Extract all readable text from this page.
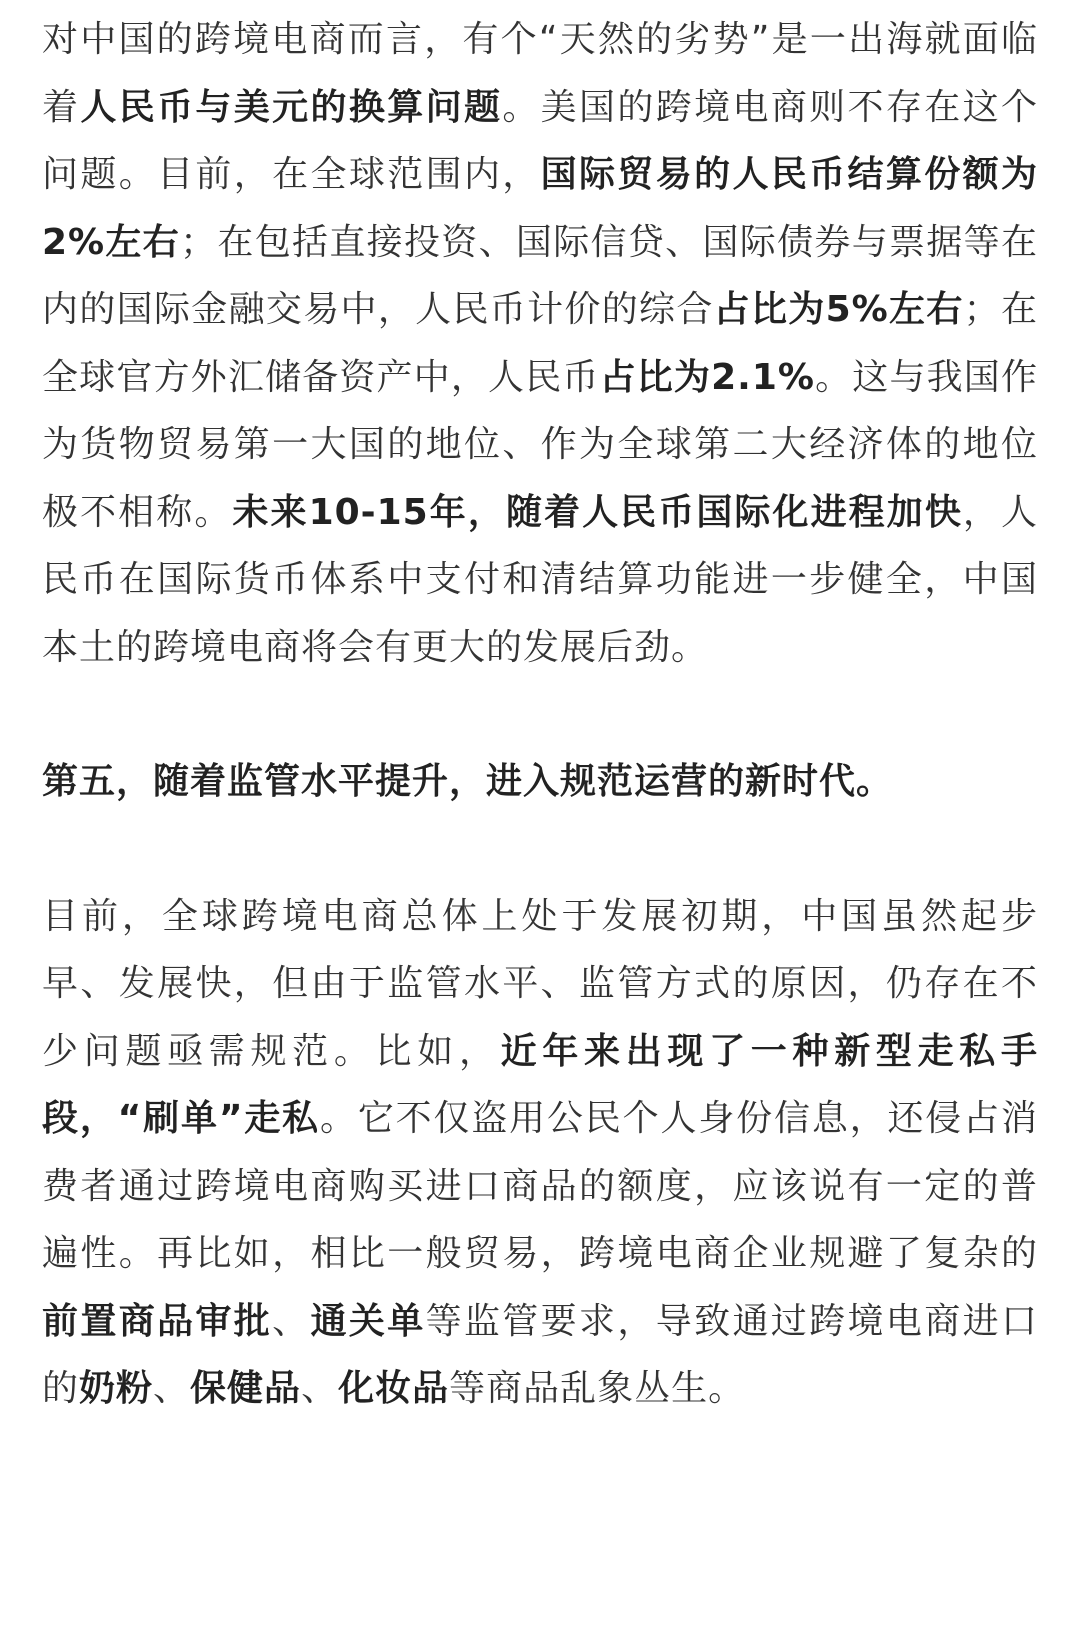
对中国的跨境电商而言，有个“天然的劣势”是一出海就面临着人民币与美元的换算问题。美国的跨境电商则不存在这个问题。目前，在全球范围内，国际贸易的人民币结算份额为2%左右；在包括直接投资、国际信贷、国际债券与票据等在内的国际金融交易中，人民币计价的综合占比为5%左右；在全球官方外汇储备资产中，人民币占比为2.1%。这与我国作为货物贸易第一大国的地位、作为全球第二大经济体的地位极不相称。未来10-15年，随着人民币国际化进程加快，人民币在国际货币体系中支付和清结算功能进一步健全，中国本土的跨境电商将会有更大的发展后劲。

第五，随着监管水平提升，进入规范运营的新时代。

目前，全球跨境电商总体上处于发展初期，中国虽然起步早、发展快，但由于监管水平、监管方式的原因，仍存在不少问题亟需规范。比如，近年来出现了一种新型走私手段，“刷单”走私。它不仅盗用公民个人身份信息，还侵占消费者通过跨境电商购买进口商品的额度，应该说有一定的普遍性。再比如，相比一般贸易，跨境电商企业规避了复杂的前置商品审批、通关单等监管要求，导致通过跨境电商进口的奶粉、保健品、化妆品等商品乱象丛生。
